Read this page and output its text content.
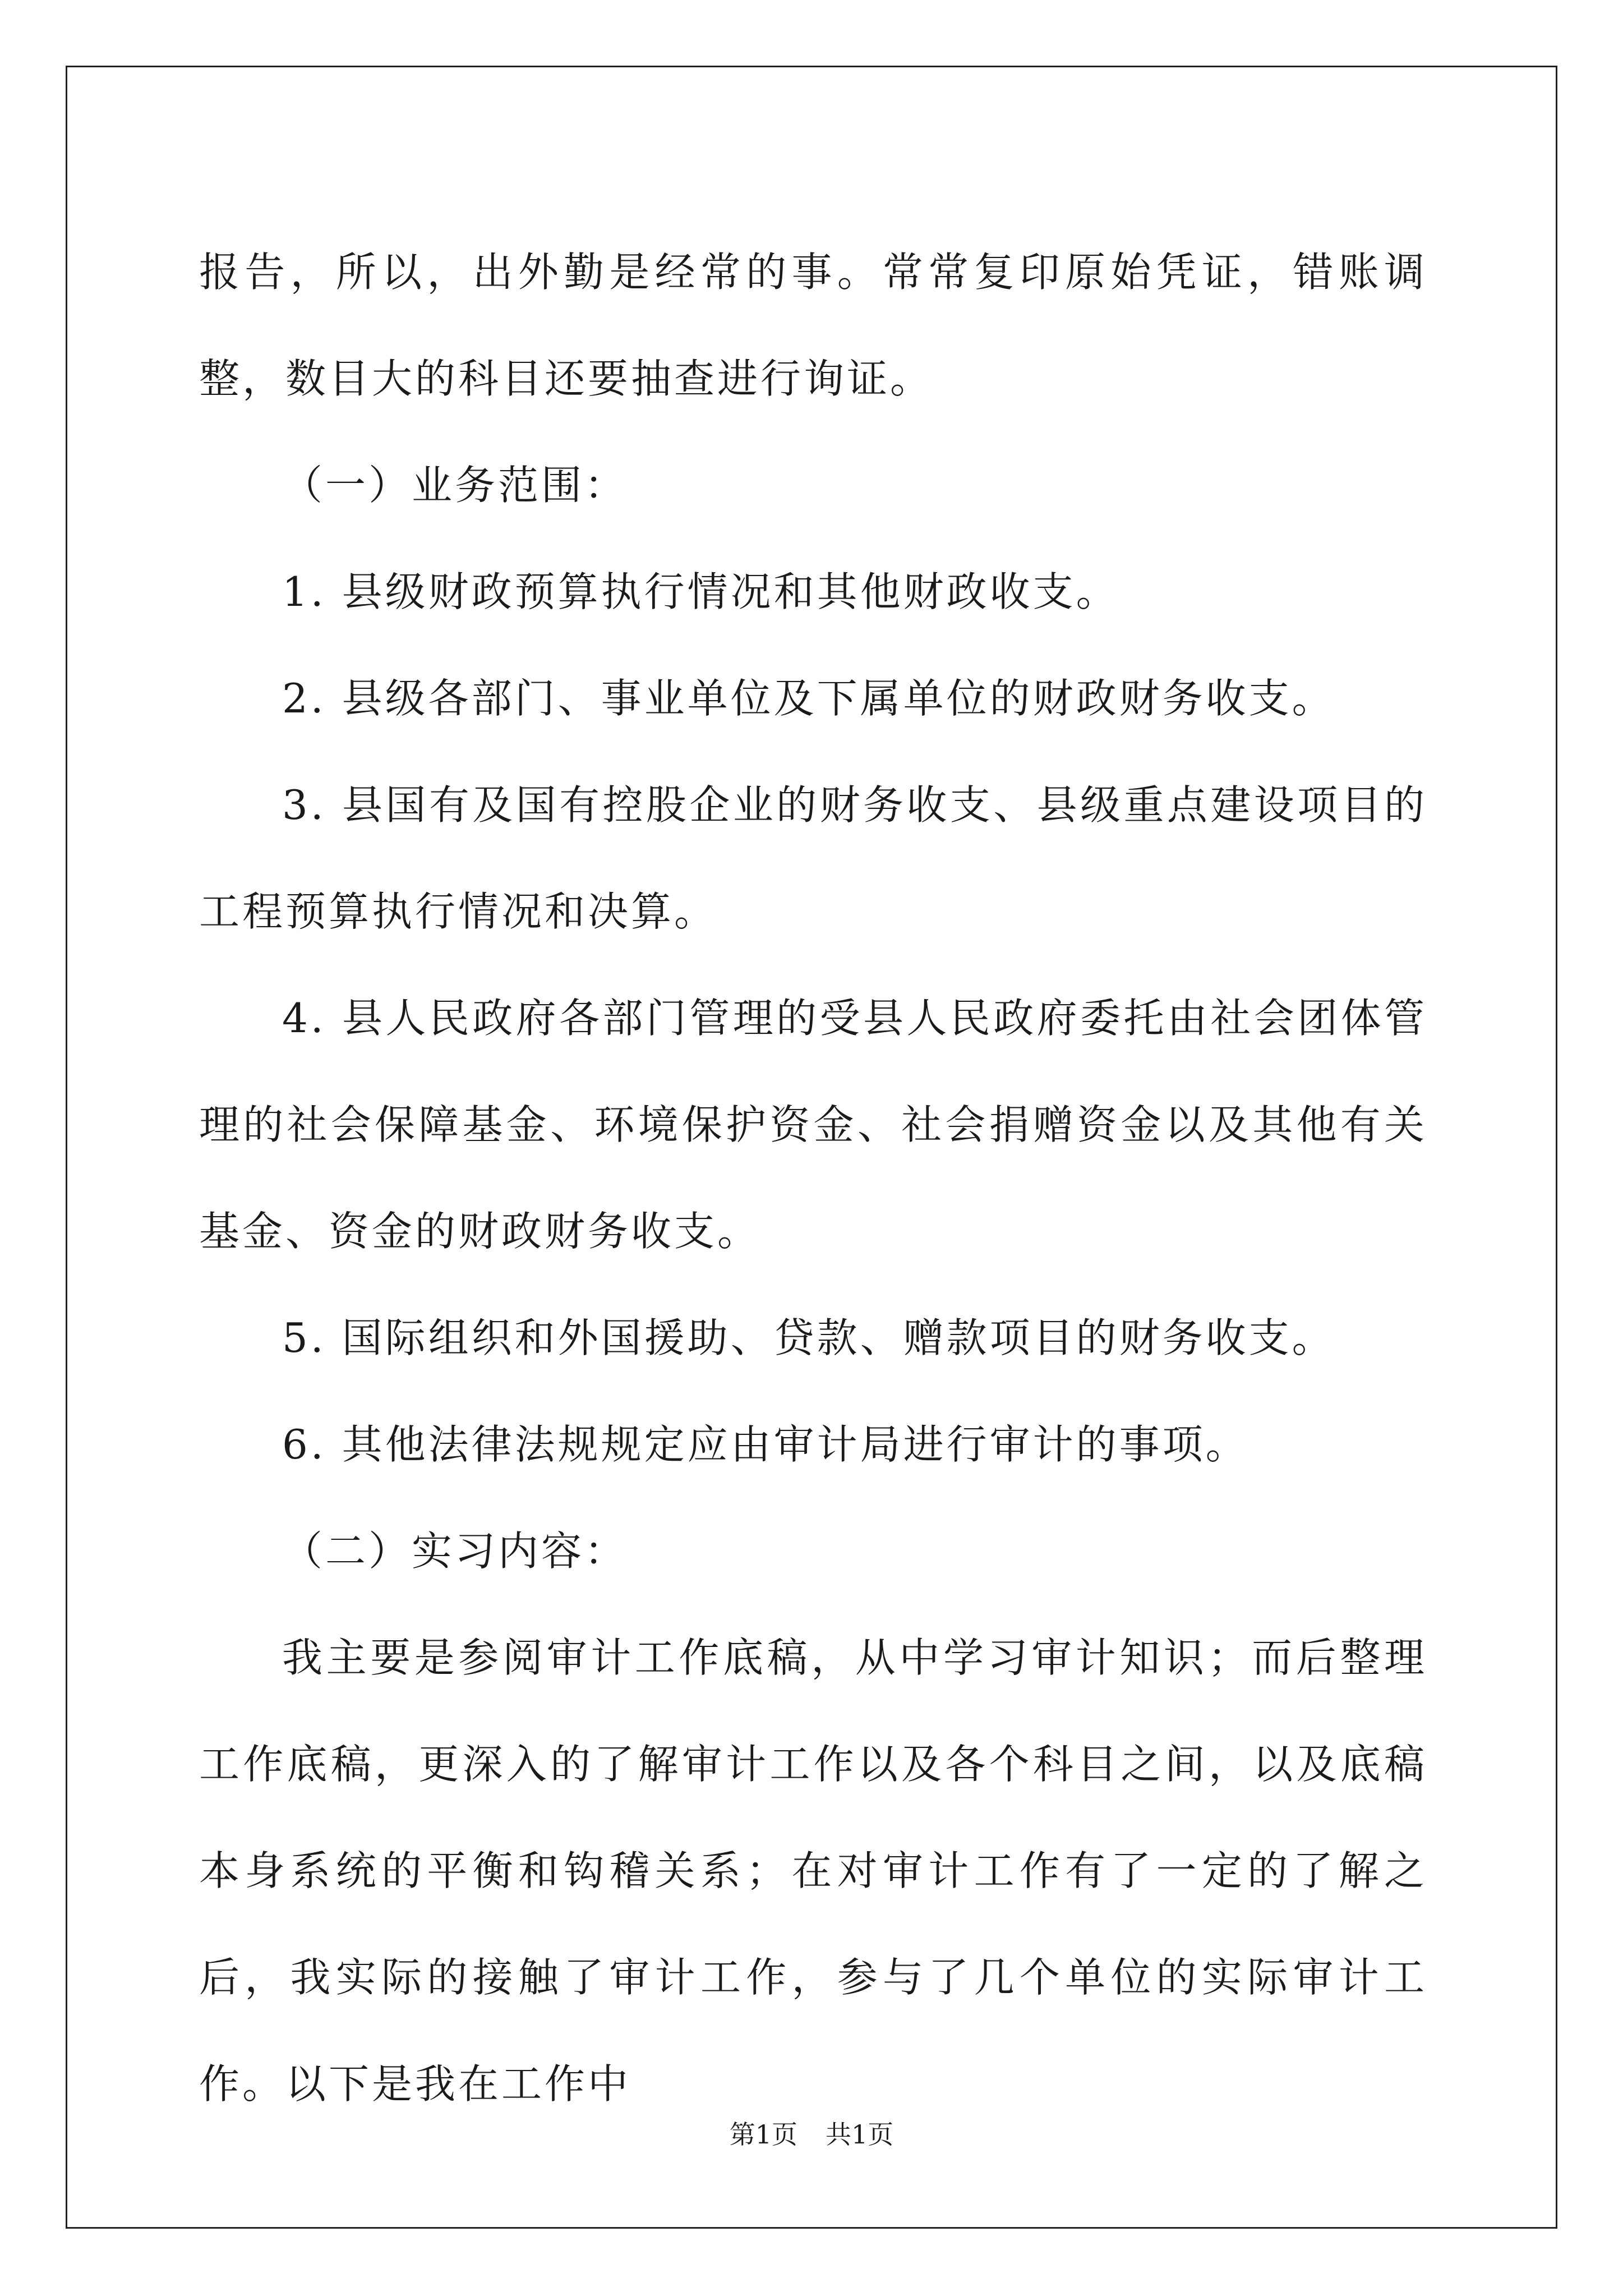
报告，所以，出外勤是经常的事。常常复印原始凭证，错账调整，数目大的科目还要抽查进行询证。

（一）业务范围：

1. 县级财政预算执行情况和其他财政收支。

2. 县级各部门、事业单位及下属单位的财政财务收支。

3. 县国有及国有控股企业的财务收支、县级重点建设项目的工程预算执行情况和决算。

4. 县人民政府各部门管理的受县人民政府委托由社会团体管理的社会保障基金、环境保护资金、社会捐赠资金以及其他有关基金、资金的财政财务收支。

5. 国际组织和外国援助、贷款、赠款项目的财务收支。

6. 其他法律法规规定应由审计局进行审计的事项。

（二）实习内容：

我主要是参阅审计工作底稿，从中学习审计知识；而后整理工作底稿，更深入的了解审计工作以及各个科目之间，以及底稿本身系统的平衡和钩稽关系；在对审计工作有了一定的了解之后，我实际的接触了审计工作，参与了几个单位的实际审计工作。以下是我在工作中

第1页 共1页
